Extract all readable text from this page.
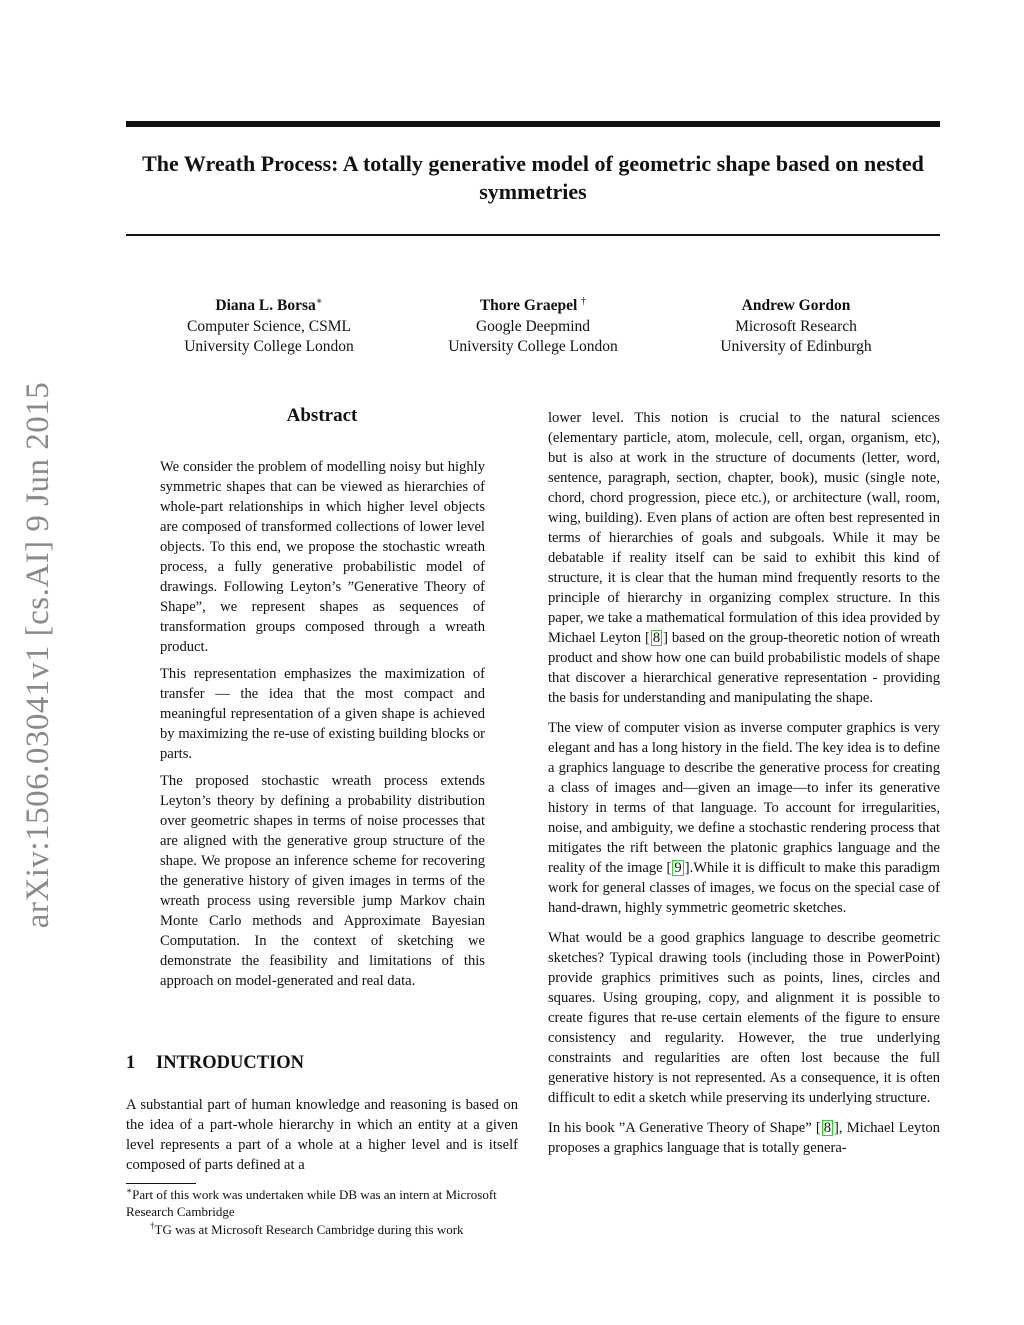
The Wreath Process: A totally generative model of geometric shape based on nested symmetries
Diana L. Borsa∗
Computer Science, CSML
University College London
Thore Graepel †
Google Deepmind
University College London
Andrew Gordon
Microsoft Research
University of Edinburgh
arXiv:1506.03041v1 [cs.AI] 9 Jun 2015	Abstract

We consider the problem of modelling noisy but highly symmetric shapes that can be viewed as hierarchies of whole-part relationships in which higher level objects are composed of transformed collections of lower level objects. To this end, we propose the stochastic wreath process, a fully generative probabilistic model of drawings. Following Leyton’s ”Generative Theory of Shape”, we represent shapes as sequences of transformation groups composed through a wreath product.

This representation emphasizes the maximization of transfer — the idea that the most compact and meaningful representation of a given shape is achieved by maximizing the re-use of existing building blocks or parts.

The proposed stochastic wreath process extends Leyton’s theory by defining a probability distribution over geometric shapes in terms of noise processes that are aligned with the generative group structure of the shape. We propose an inference scheme for recovering the generative history of given images in terms of the wreath process using reversible jump Markov chain Monte Carlo methods and Approximate Bayesian Computation. In the context of sketching we demonstrate the feasibility and limitations of this approach on model-generated and real data.

1 INTRODUCTION

A substantial part of human knowledge and reasoning is based on the idea of a part-whole hierarchy in which an entity at a given level represents a part of a whole at a higher level and is itself composed of parts defined at a

∗Part of this work was undertaken while DB was an intern at Microsoft Research Cambridge
†TG was at Microsoft Research Cambridge during this work

lower level. This notion is crucial to the natural sciences (elementary particle, atom, molecule, cell, organ, organism, etc), but is also at work in the structure of documents (letter, word, sentence, paragraph, section, chapter, book), music (single note, chord, chord progression, piece etc.), or architecture (wall, room, wing, building). Even plans of action are often best represented in terms of hierarchies of goals and subgoals. While it may be debatable if reality itself can be said to exhibit this kind of structure, it is clear that the human mind frequently resorts to the principle of hierarchy in organizing complex structure. In this paper, we take a mathematical formulation of this idea provided by Michael Leyton [ 8 ] based on the group-theoretic notion of wreath product and show how one can build probabilistic models of shape that discover a hierarchical generative representation - providing the basis for understanding and manipulating the shape.

The view of computer vision as inverse computer graphics is very elegant and has a long history in the field. The key idea is to define a graphics language to describe the generative process for creating a class of images and—given an image—to infer its generative history in terms of that language. To account for irregularities, noise, and ambiguity, we define a stochastic rendering process that mitigates the rift between the platonic graphics language and the reality of the image [ 9 ].While it is difficult to make this paradigm work for general classes of images, we focus on the special case of hand-drawn, highly symmetric geometric sketches.

What would be a good graphics language to describe geometric sketches? Typical drawing tools (including those in PowerPoint) provide graphics primitives such as points, lines, circles and squares. Using grouping, copy, and alignment it is possible to create figures that re-use certain elements of the figure to ensure consistency and regularity. However, the true underlying constraints and regularities are often lost because the full generative history is not represented. As a consequence, it is often difficult to edit a sketch while preserving its underlying structure.

In his book ”A Generative Theory of Shape” [ 8 ], Michael Leyton proposes a graphics language that is totally genera-
